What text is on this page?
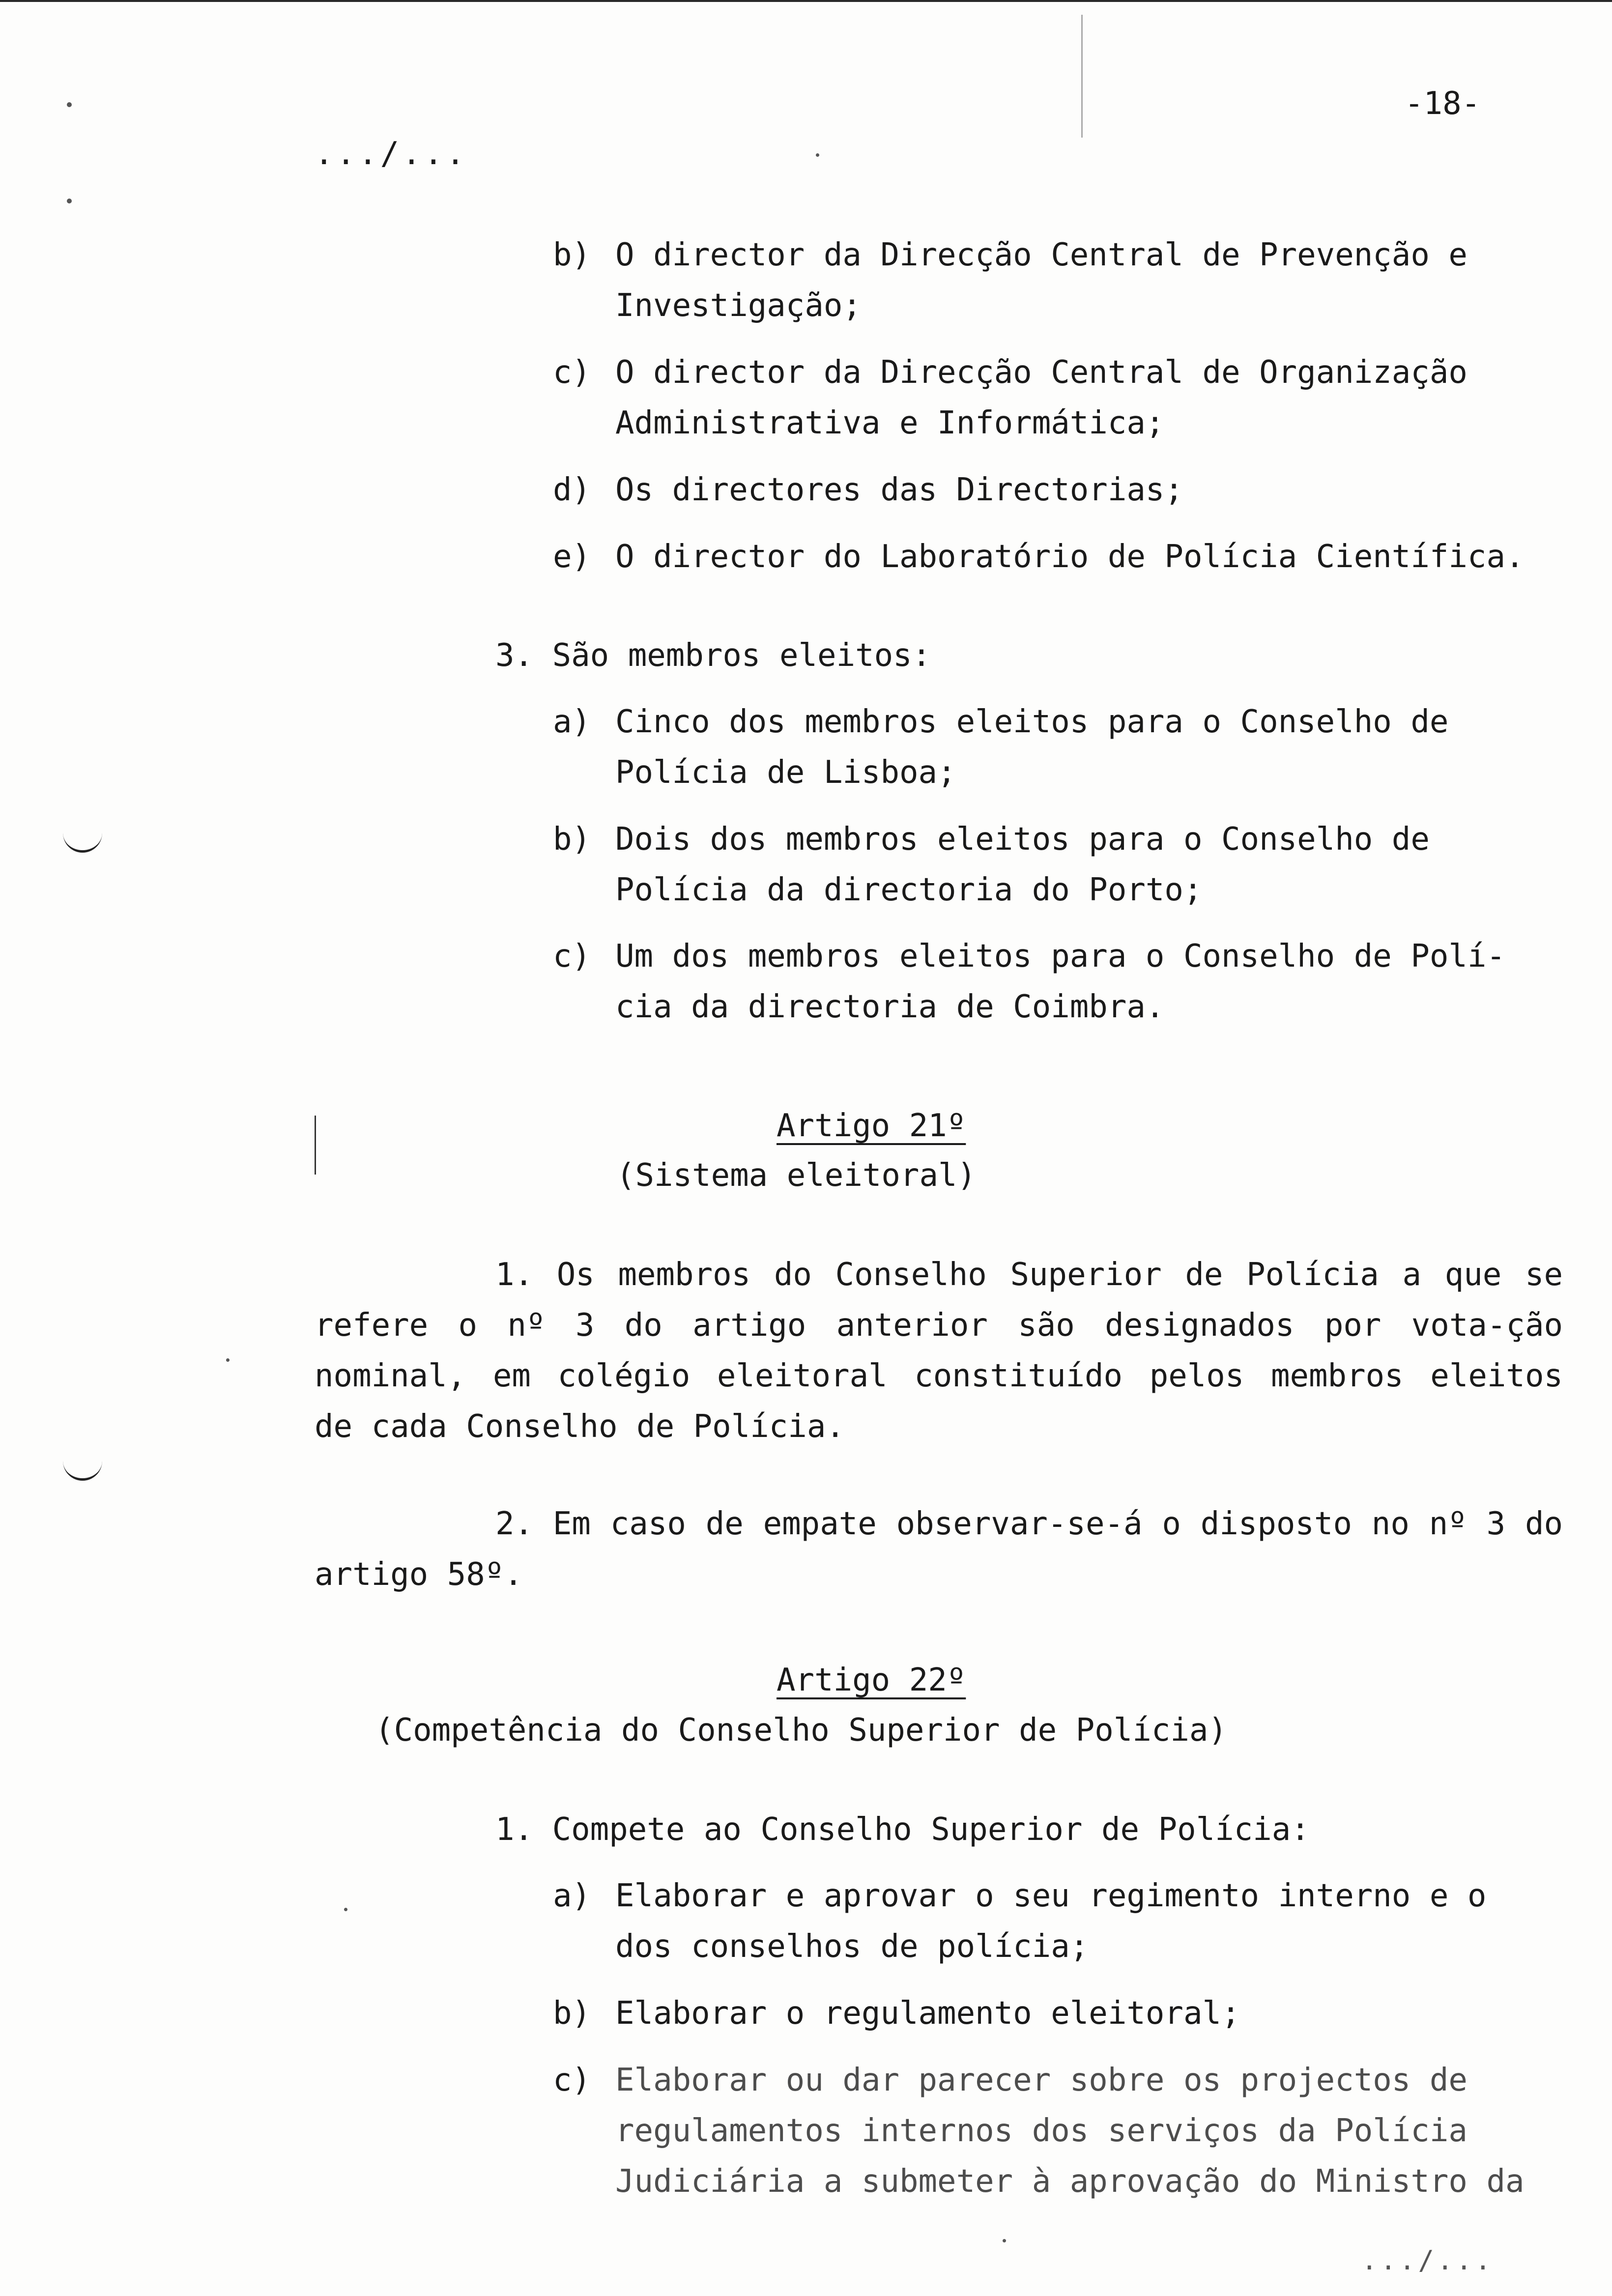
-18-
.../...
b) O director da Direcção Central de Prevenção e
Investigação;
c) O director da Direcção Central de Organização
Administrativa e Informática;
d) Os directores das Directorias;
e) O director do Laboratório de Polícia Científica.
3. São membros eleitos:
a) Cinco dos membros eleitos para o Conselho de
Polícia de Lisboa;
b) Dois dos membros eleitos para o Conselho de
Polícia da directoria do Porto;
c) Um dos membros eleitos para o Conselho de Polí-
cia da directoria de Coimbra.
Artigo 21º
(Sistema eleitoral)
1. Os membros do Conselho Superior de Polícia a que se refere o nº 3 do artigo anterior são designados por vota-ção nominal, em colégio eleitoral constituído pelos membros eleitos de cada Conselho de Polícia.
2. Em caso de empate observar-se-á o disposto no nº 3 do artigo 58º.
Artigo 22º
(Competência do Conselho Superior de Polícia)
1. Compete ao Conselho Superior de Polícia:
a) Elaborar e aprovar o seu regimento interno e o
dos conselhos de polícia;
b) Elaborar o regulamento eleitoral;
c) Elaborar ou dar parecer sobre os projectos de
regulamentos internos dos serviços da Polícia
Judiciária a submeter à aprovação do Ministro da
.../...
